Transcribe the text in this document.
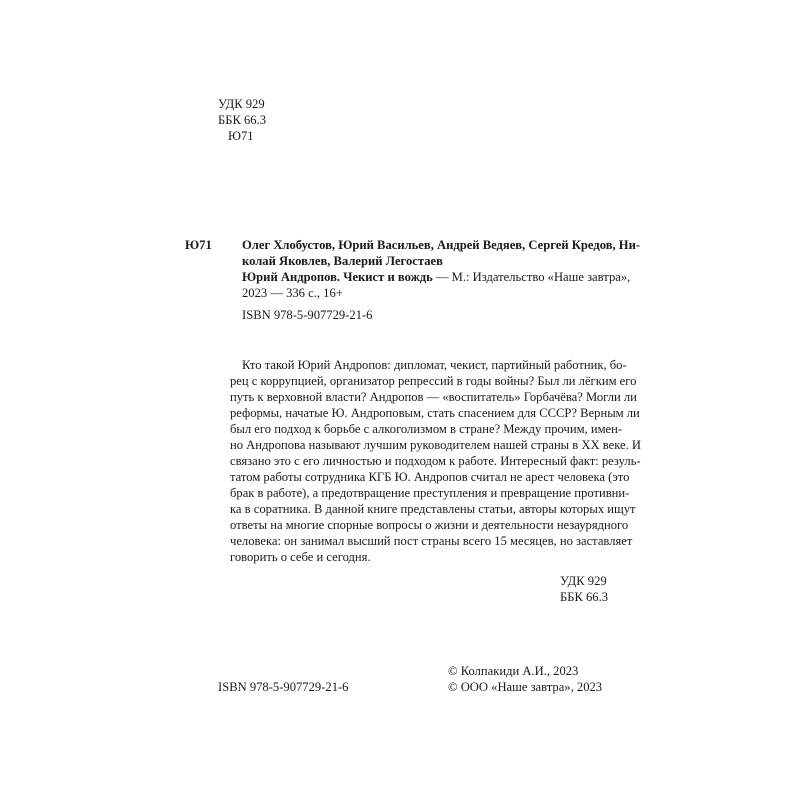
УДК 929
ББК 66.3
Ю71
Ю71 Олег Хлобустов, Юрий Васильев, Андрей Ведяев, Сергей Кредов, Ни-
колай Яковлев, Валерий Легостаев
Юрий Андропов. Чекист и вождь — М.: Издательство «Наше завтра»,
2023 — 336 с., 16+
ISBN 978-5-907729-21-6
Кто такой Юрий Андропов: дипломат, чекист, партийный работник, бо-
рец с коррупцией, организатор репрессий в годы войны? Был ли лёгким его
путь к верховной власти? Андропов — «воспитатель» Горбачёва? Могли ли
реформы, начатые Ю. Андроповым, стать спасением для СССР? Верным ли
был его подход к борьбе с алкоголизмом в стране? Между прочим, имен-
но Андропова называют лучшим руководителем нашей страны в XX веке. И
связано это с его личностью и подходом к работе. Интересный факт: резуль-
татом работы сотрудника КГБ Ю. Андропов считал не арест человека (это
брак в работе), а предотвращение преступления и превращение противни-
ка в соратника. В данной книге представлены статьи, авторы которых ищут
ответы на многие спорные вопросы о жизни и деятельности незаурядного
человека: он занимал высший пост страны всего 15 месяцев, но заставляет
говорить о себе и сегодня.
УДК 929
ББК 66.3
ISBN 978-5-907729-21-6
© Колпакиди А.И., 2023
© ООО «Наше завтра», 2023
